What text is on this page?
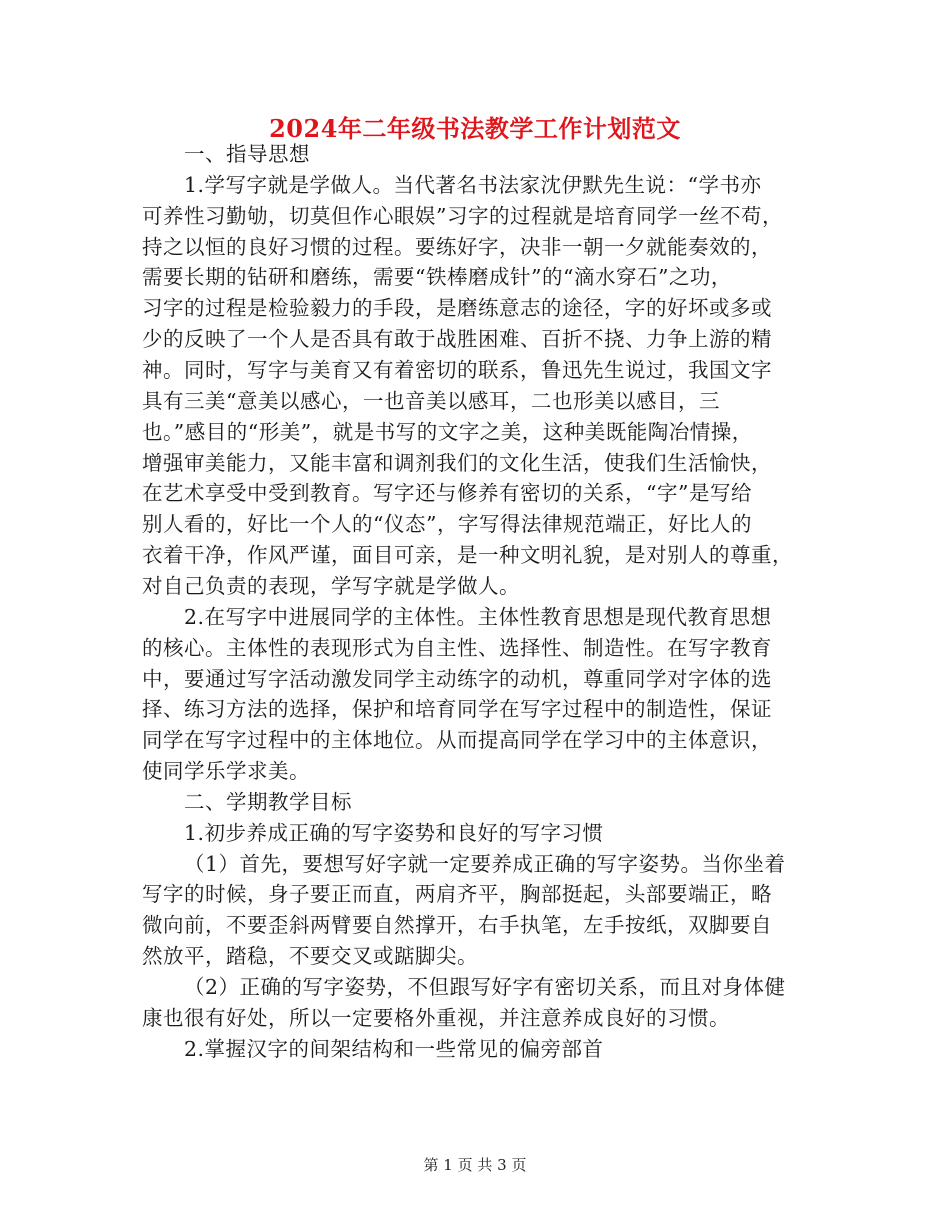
2024年二年级书法教学工作计划范文
一、指导思想
1.学写字就是学做人。当代著名书法家沈伊默先生说：“学书亦
可养性习勤劬，切莫但作心眼娱”习字的过程就是培育同学一丝不苟，
持之以恒的良好习惯的过程。要练好字，决非一朝一夕就能奏效的，
需要长期的钻研和磨练，需要“铁棒磨成针”的“滴水穿石”之功，
习字的过程是检验毅力的手段，是磨练意志的途径，字的好坏或多或
少的反映了一个人是否具有敢于战胜困难、百折不挠、力争上游的精
神。同时，写字与美育又有着密切的联系，鲁迅先生说过，我国文字
具有三美“意美以感心，一也音美以感耳，二也形美以感目，三
也。”感目的“形美”，就是书写的文字之美，这种美既能陶冶情操，
增强审美能力，又能丰富和调剂我们的文化生活，使我们生活愉快，
在艺术享受中受到教育。写字还与修养有密切的关系，“字”是写给
别人看的，好比一个人的“仪态”，字写得法律规范端正，好比人的
衣着干净，作风严谨，面目可亲，是一种文明礼貌，是对别人的尊重，
对自己负责的表现，学写字就是学做人。
2.在写字中进展同学的主体性。主体性教育思想是现代教育思想
的核心。主体性的表现形式为自主性、选择性、制造性。在写字教育
中，要通过写字活动激发同学主动练字的动机，尊重同学对字体的选
择、练习方法的选择，保护和培育同学在写字过程中的制造性，保证
同学在写字过程中的主体地位。从而提高同学在学习中的主体意识，
使同学乐学求美。
二、学期教学目标
1.初步养成正确的写字姿势和良好的写字习惯
（1）首先，要想写好字就一定要养成正确的写字姿势。当你坐着
写字的时候，身子要正而直，两肩齐平，胸部挺起，头部要端正，略
微向前，不要歪斜两臂要自然撑开，右手执笔，左手按纸，双脚要自
然放平，踏稳，不要交叉或踮脚尖。
（2）正确的写字姿势，不但跟写好字有密切关系，而且对身体健
康也很有好处，所以一定要格外重视，并注意养成良好的习惯。
2.掌握汉字的间架结构和一些常见的偏旁部首
第 1 页 共 3 页
